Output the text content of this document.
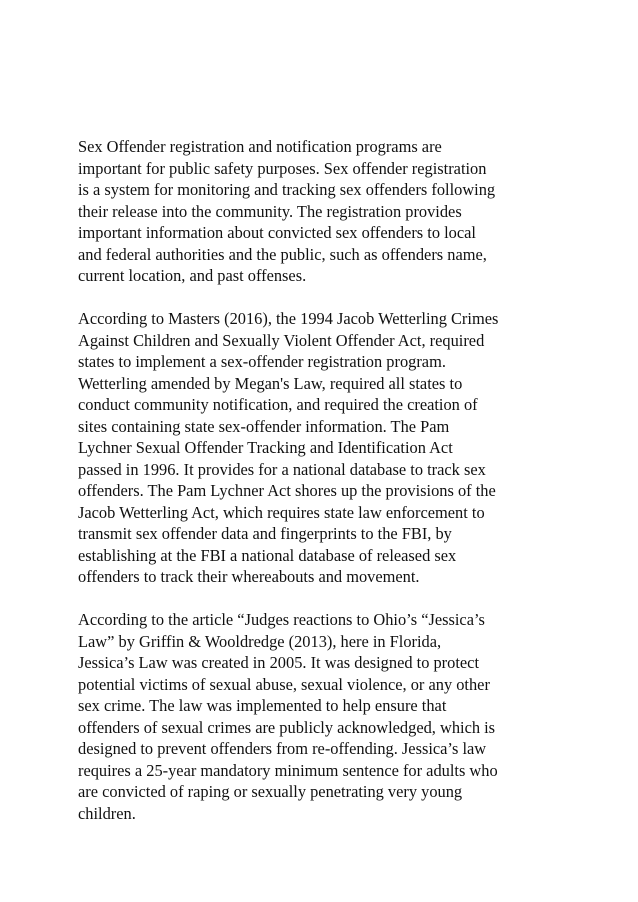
Sex Offender registration and notification programs are
important for public safety purposes. Sex offender registration
is a system for monitoring and tracking sex offenders following
their release into the community. The registration provides
important information about convicted sex offenders to local
and federal authorities and the public, such as offenders name,
current location, and past offenses.

According to Masters (2016), the 1994 Jacob Wetterling Crimes
Against Children and Sexually Violent Offender Act, required
states to implement a sex-offender registration program.
Wetterling amended by Megan's Law, required all states to
conduct community notification, and required the creation of
sites containing state sex-offender information. The Pam
Lychner Sexual Offender Tracking and Identification Act
passed in 1996. It provides for a national database to track sex
offenders. The Pam Lychner Act shores up the provisions of the
Jacob Wetterling Act, which requires state law enforcement to
transmit sex offender data and fingerprints to the FBI, by
establishing at the FBI a national database of released sex
offenders to track their whereabouts and movement.

According to the article “Judges reactions to Ohio’s “Jessica’s
Law” by Griffin & Wooldredge (2013), here in Florida,
Jessica’s Law was created in 2005. It was designed to protect
potential victims of sexual abuse, sexual violence, or any other
sex crime. The law was implemented to help ensure that
offenders of sexual crimes are publicly acknowledged, which is
designed to prevent offenders from re-offending. Jessica’s law
requires a 25-year mandatory minimum sentence for adults who
are convicted of raping or sexually penetrating very young
children.
